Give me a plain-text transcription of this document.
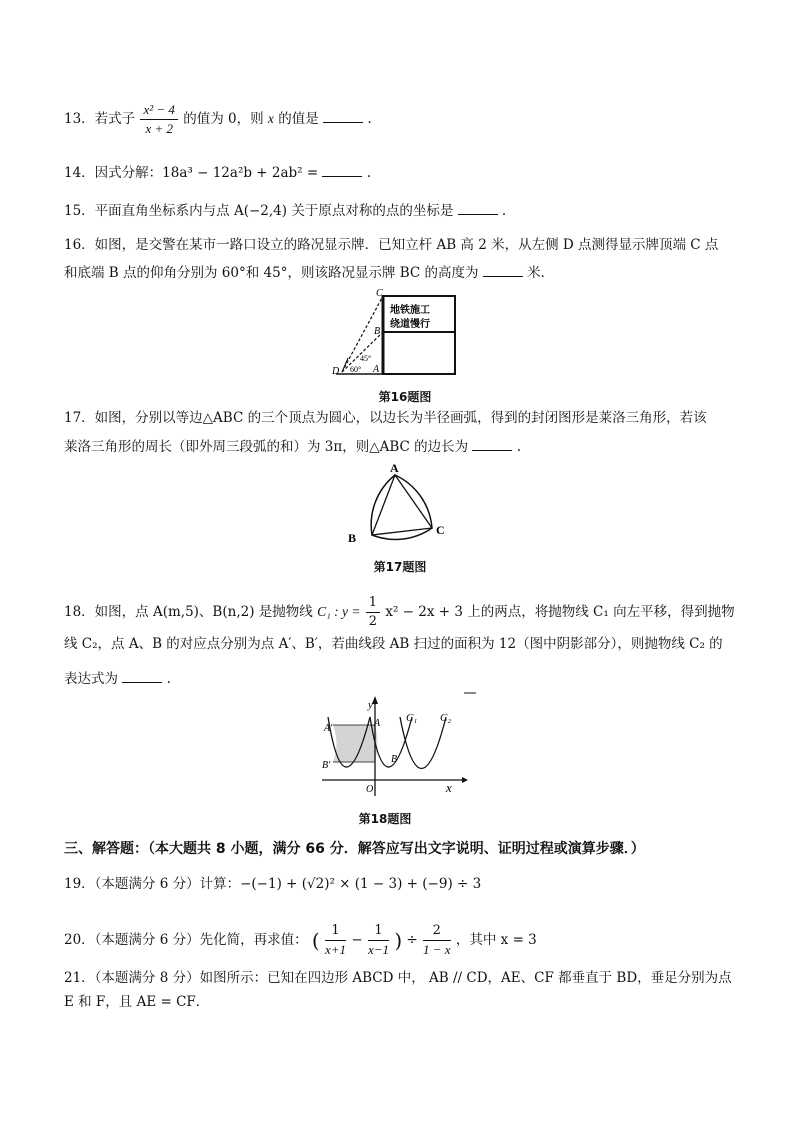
13．若式子 $\frac{\text{x² − 4}}{x + 2}$ 的值为 0，则 x 的值是	.
14．因式分解：18a³ − 12a²b + 2ab² =	.
15．平面直角坐标系内与点 A(−2,4) 关于原点对称的点的坐标是	.
16．如图，是交警在某市一路口设立的路况显示牌．已知立杆 AB 高 2 米，从左侧 D 点测得显示牌顶端 C 点
和底端 B 点的仰角分别为 60°和 45°，则该路况显示牌 BC 的高度为	米．
C
B
D	A
45°
60°
地铁施工
绕道慢行
第16题图
17．如图，分别以等边△ABC 的三个顶点为圆心，以边长为半径画弧，得到的封闭图形是莱洛三角形，若该
莱洛三角形的周长（即外周三段弧的和）为 3π，则△ABC 的边长为	.
A
B
C
第17题图
18．如图，点 A(m,5)、B(n,2) 是抛物线 C₁ : $y = \frac{1}{2} x^2 - 2x + 3$ 上的两点，将抛物线 C₁ 向左平移，得到抛物
线 C₂，点 A、B 的对应点分别为点 A′、B′，若曲线段 AB 扫过的面积为 12（图中阴影部分），则抛物线 C₂ 的
表达式为	.
y
x
O
A
B
A′
B′
C₁ C₂
第18题图
三、解答题：（本大题共 8 小题，满分 66 分．解答应写出文字说明、证明过程或演算步骤．）
19．（本题满分 6 分）计算：−(−1) + (√2)² × (1 − 3) + (−9) ÷ 3
20．（本题满分 6 分）先化简，再求值： ( $\frac{1}{x+1} - \frac{1}{x-1}$ ) ÷ $\frac{2}{1 - x}$ ，其中 x = 3
21．（本题满分 8 分）如图所示：已知在四边形 ABCD 中， AB // CD，AE、CF 都垂直于 BD，垂足分别为点
E 和 F，且 AE = CF．
